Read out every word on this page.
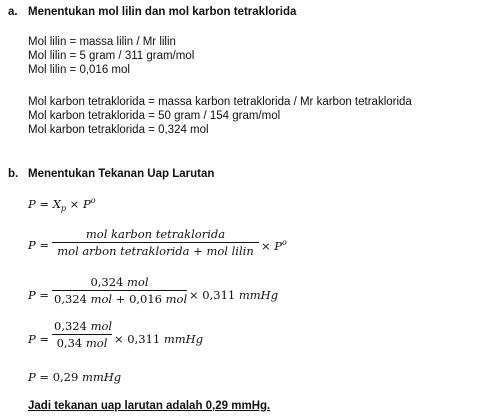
a. Menentukan mol lilin dan mol karbon tetraklorida
Mol lilin = massa lilin / Mr lilin
Mol lilin = 5 gram / 311 gram/mol
Mol lilin = 0,016 mol
Mol karbon tetraklorida = massa karbon tetraklorida / Mr karbon tetraklorida
Mol karbon tetraklorida = 50 gram / 154 gram/mol
Mol karbon tetraklorida = 0,324 mol
b. Menentukan Tekanan Uap Larutan
$P = X_p \times P^o$
P =
mol karbon tetraklorida
mol arbon tetraklorida + mol lilin × $P^o$
P =
0,324 mol
0,324 mol + 0,016 mol × 0,311 mmHg
P =
0,324 mol
0,34 mol × 0,311 mmHg
P = 0,29 mmHg
Jadi tekanan uap larutan adalah 0,29 mmHg.
